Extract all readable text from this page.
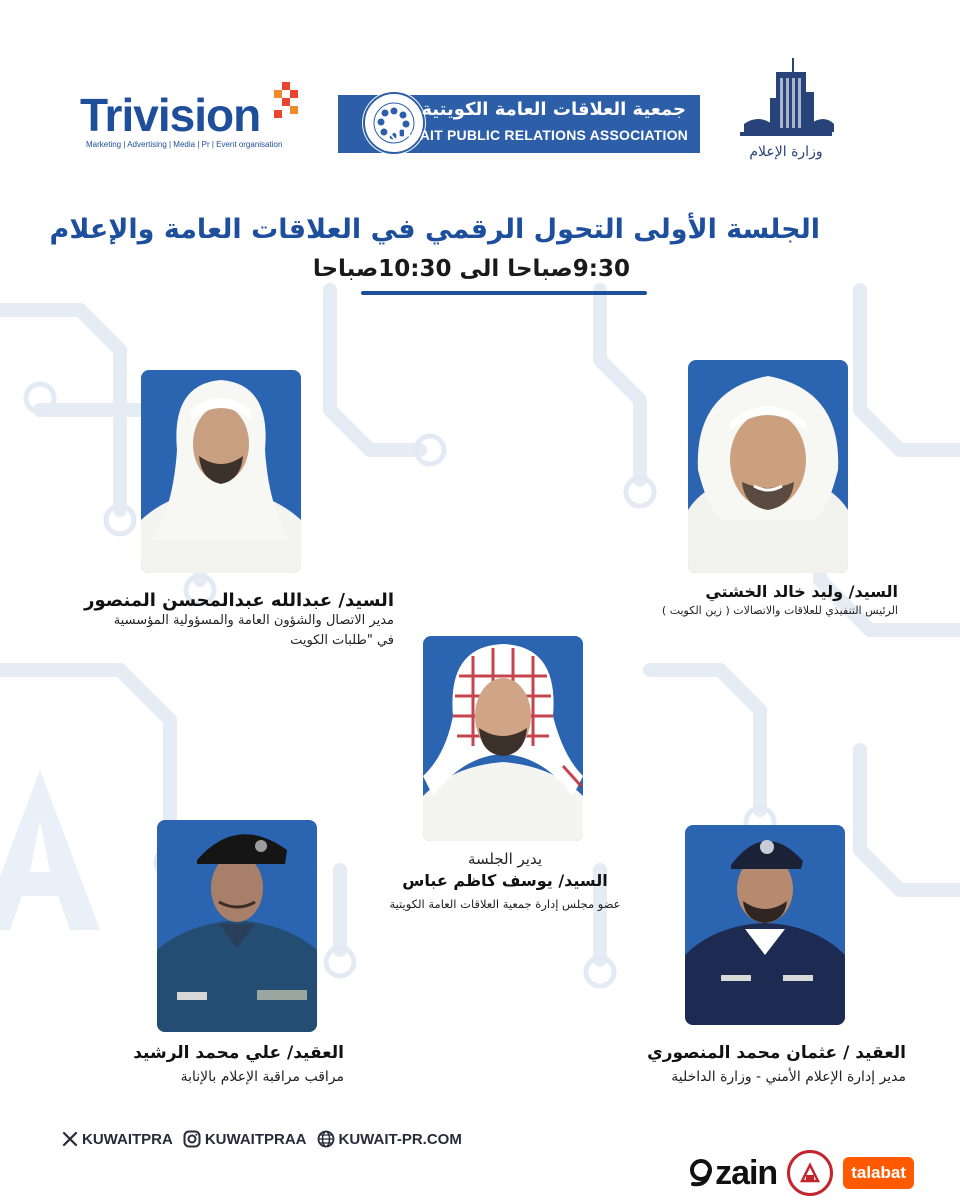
Trivision
Marketing | Advertising | Media | Pr | Event organisation
جمعية العلاقات العامة الكويتية
KUWAIT PUBLIC RELATIONS ASSOCIATION
وزارة الإعلام
الجلسة الأولى التحول الرقمي في العلاقات العامة والإعلام
9:30صباحا الى 10:30صباحا
السيد/ وليد خالد الخشتي
الرئيس التنفيذي للعلاقات والاتصالات ( زين الكويت )
السيد/ عبدالله عبدالمحسن المنصور
مدير الاتصال والشؤون العامة والمسؤولية المؤسسية
في "طلبات الكويت
يدير الجلسة
السيد/ يوسف كاظم عباس
عضو مجلس إدارة جمعية العلاقات العامة الكويتية
العقيد / عثمان محمد المنصوري
مدير إدارة الإعلام الأمني - وزارة الداخلية
العقيد/ علي محمد الرشيد
مراقب مراقبة الإعلام بالإنابة
KUWAITPRA KUWAITPRAA KUWAIT-PR.COM
zain	talabat
